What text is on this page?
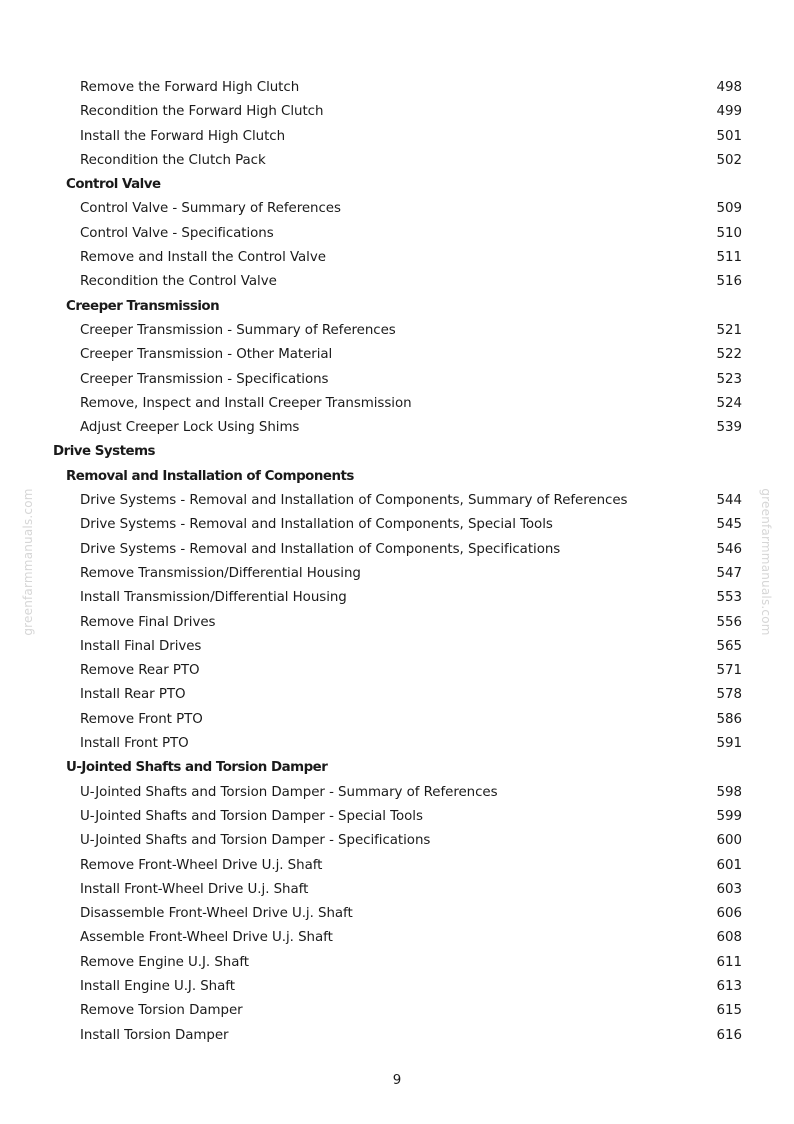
greenfarmmanuals.com	greenfarmmanuals.com
Remove the Forward High Clutch	498
Recondition the Forward High Clutch	499
Install the Forward High Clutch	501
Recondition the Clutch Pack	502
Control Valve
Control Valve - Summary of References	509
Control Valve - Specifications	510
Remove and Install the Control Valve	511
Recondition the Control Valve	516
Creeper Transmission
Creeper Transmission - Summary of References	521
Creeper Transmission - Other Material	522
Creeper Transmission - Specifications	523
Remove, Inspect and Install Creeper Transmission	524
Adjust Creeper Lock Using Shims	539
Drive Systems
Removal and Installation of Components
Drive Systems - Removal and Installation of Components, Summary of References	544
Drive Systems - Removal and Installation of Components, Special Tools	545
Drive Systems - Removal and Installation of Components, Specifications	546
Remove Transmission/Differential Housing	547
Install Transmission/Differential Housing	553
Remove Final Drives	556
Install Final Drives	565
Remove Rear PTO	571
Install Rear PTO	578
Remove Front PTO	586
Install Front PTO	591
U-Jointed Shafts and Torsion Damper
U-Jointed Shafts and Torsion Damper - Summary of References	598
U-Jointed Shafts and Torsion Damper - Special Tools	599
U-Jointed Shafts and Torsion Damper - Specifications	600
Remove Front-Wheel Drive U.j. Shaft	601
Install Front-Wheel Drive U.j. Shaft	603
Disassemble Front-Wheel Drive U.j. Shaft	606
Assemble Front-Wheel Drive U.j. Shaft	608
Remove Engine U.J. Shaft	611
Install Engine U.J. Shaft	613
Remove Torsion Damper	615
Install Torsion Damper	616
9
